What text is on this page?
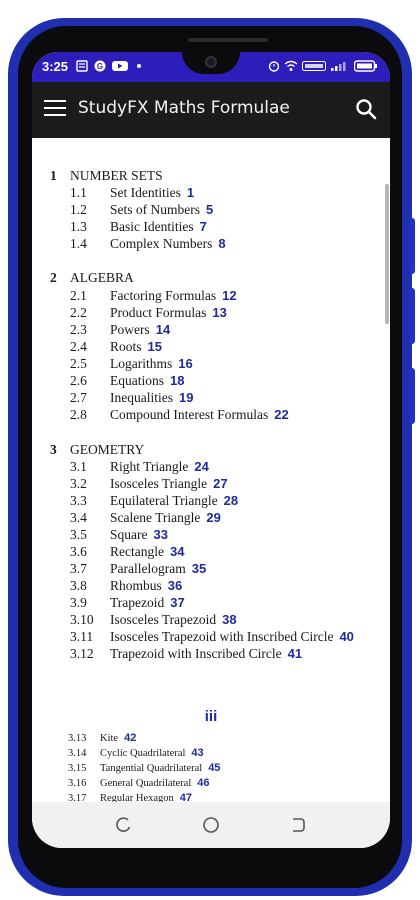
3:25	G
StudyFX Maths Formulae
1 NUMBER SETS
1.1 Set Identities 1
1.2 Sets of Numbers 5
1.3 Basic Identities 7
1.4 Complex Numbers 8
2 ALGEBRA
2.1 Factoring Formulas 12
2.2 Product Formulas 13
2.3 Powers 14
2.4 Roots 15
2.5 Logarithms 16
2.6 Equations 18
2.7 Inequalities 19
2.8 Compound Interest Formulas 22
3 GEOMETRY
3.1 Right Triangle 24
3.2 Isosceles Triangle 27
3.3 Equilateral Triangle 28
3.4 Scalene Triangle 29
3.5 Square 33
3.6 Rectangle 34
3.7 Parallelogram 35
3.8 Rhombus 36
3.9 Trapezoid 37
3.10 Isosceles Trapezoid 38
3.11 Isosceles Trapezoid with Inscribed Circle 40
3.12 Trapezoid with Inscribed Circle 41
iii
3.13 Kite 42
3.14 Cyclic Quadrilateral 43
3.15 Tangential Quadrilateral 45
3.16 General Quadrilateral 46
3.17 Regular Hexagon 47
